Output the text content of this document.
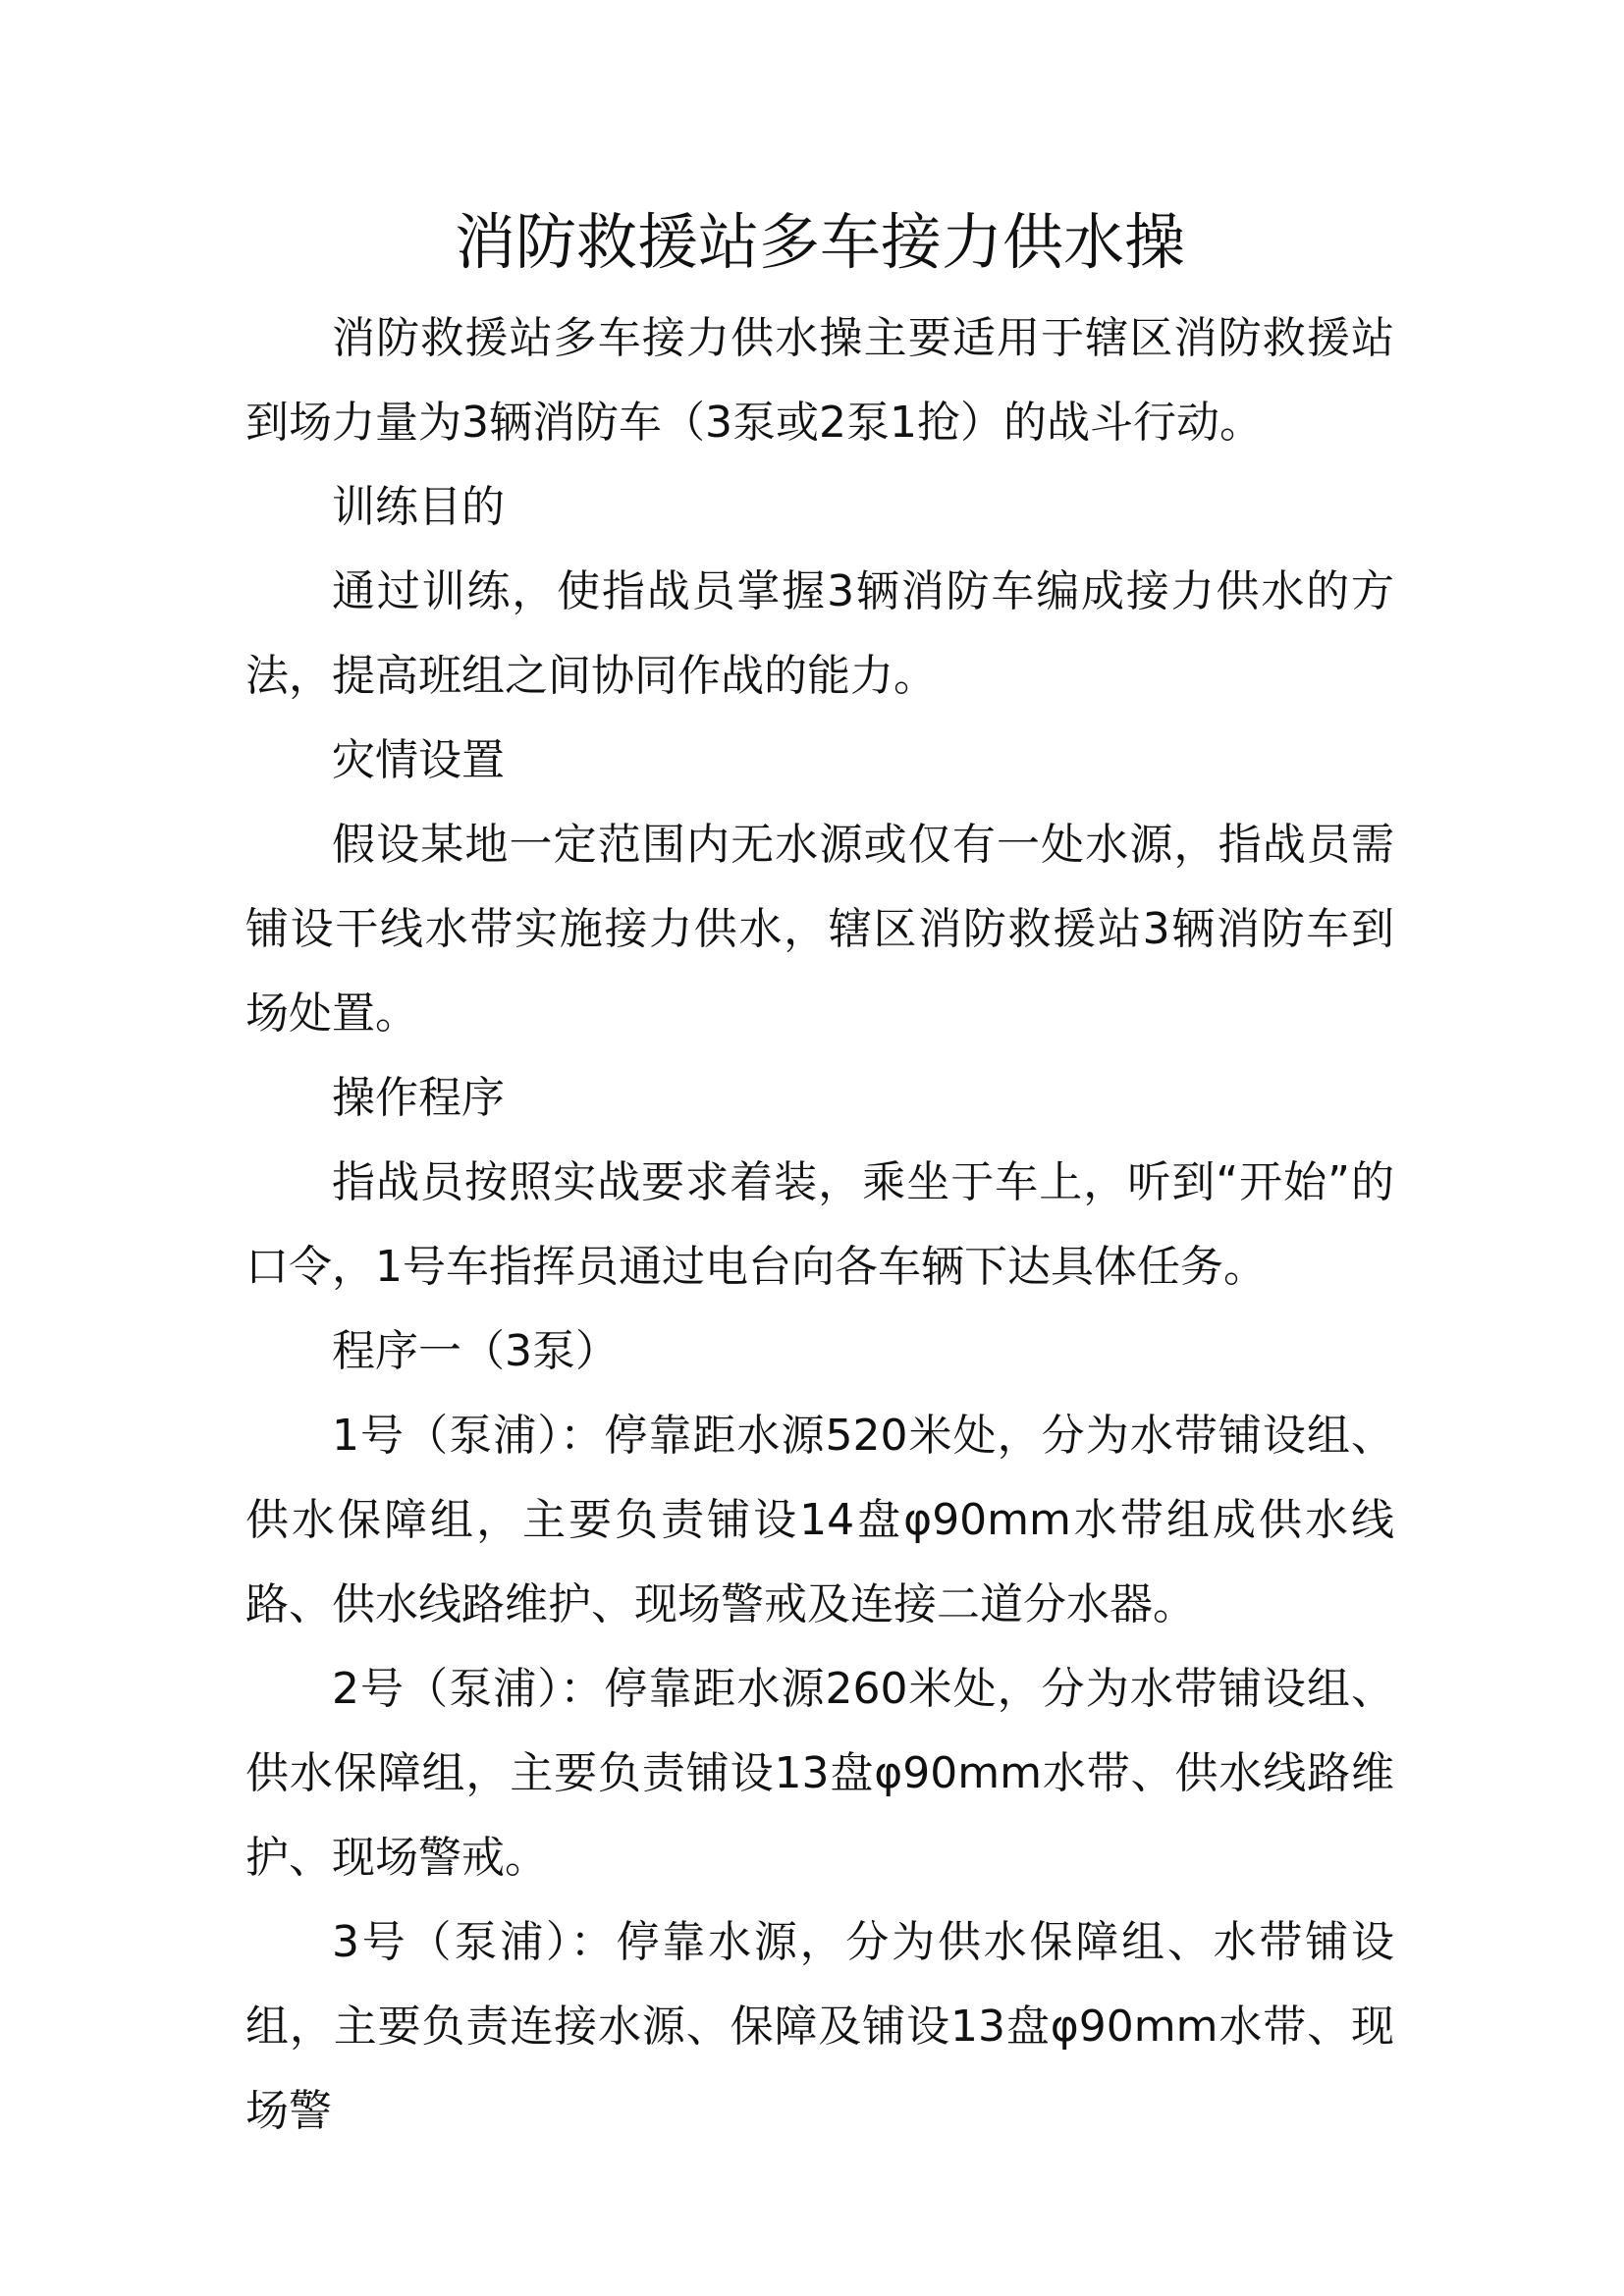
消防救援站多车接力供水操

消防救援站多车接力供水操主要适用于辖区消防救援站到场力量为3辆消防车（3泵或2泵1抢）的战斗行动。

训练目的

通过训练，使指战员掌握3辆消防车编成接力供水的方法，提高班组之间协同作战的能力。

灾情设置

假设某地一定范围内无水源或仅有一处水源，指战员需铺设干线水带实施接力供水，辖区消防救援站3辆消防车到场处置。

操作程序

指战员按照实战要求着装，乘坐于车上，听到“开始”的口令，1号车指挥员通过电台向各车辆下达具体任务。

程序一（3泵）

1号（泵浦）：停靠距水源520米处，分为水带铺设组、供水保障组，主要负责铺设14盘φ90mm水带组成供水线路、供水线路维护、现场警戒及连接二道分水器。

2号（泵浦）：停靠距水源260米处，分为水带铺设组、供水保障组，主要负责铺设13盘φ90mm水带、供水线路维护、现场警戒。

3号（泵浦）：停靠水源，分为供水保障组、水带铺设组，主要负责连接水源、保障及铺设13盘φ90mm水带、现场警
